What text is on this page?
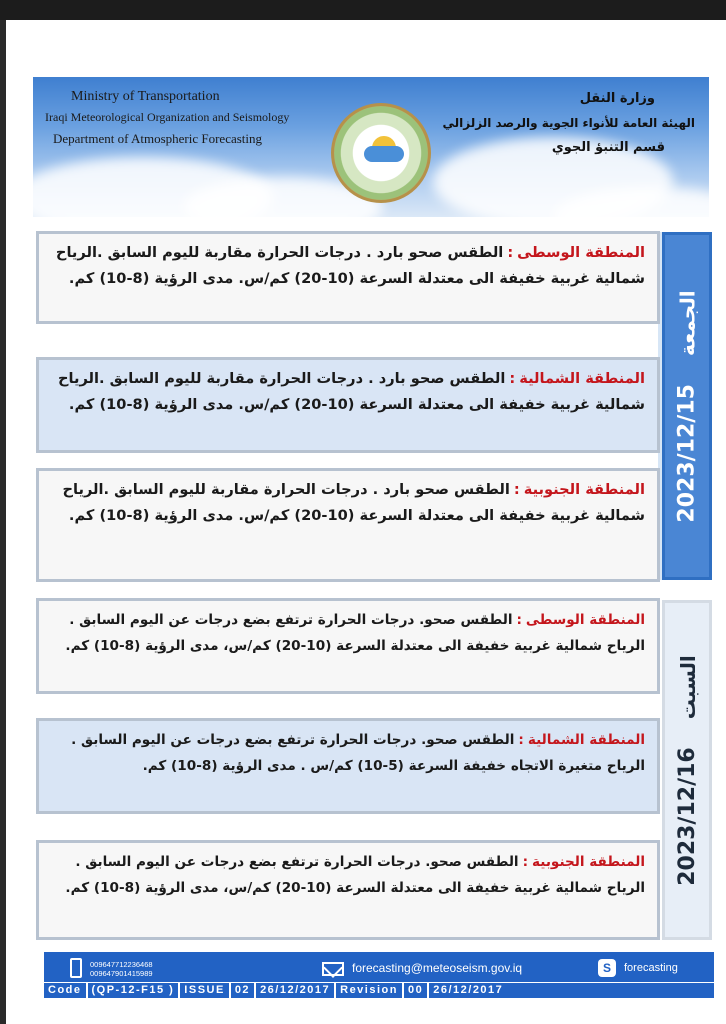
Ministry of Transportation
Iraqi Meteorological Organization and Seismology
Department of Atmospheric Forecasting
وزارة النقل
الهيئة العامة للأنواء الجوية والرصد الزلزالي
قسم التنبؤ الجوي
2023/12/15
الجمعة
المنطقة الوسطى:الطقس صحو بارد . درجات الحرارة مقاربة لليوم السابق .الرياح شمالية غربية خفيفة الى معتدلة السرعة (10-20) كم/س. مدى الرؤية (8-10) كم.
المنطقة الشمالية:الطقس صحو بارد . درجات الحرارة مقاربة لليوم السابق .الرياح شمالية غربية خفيفة الى معتدلة السرعة (10-20) كم/س. مدى الرؤية (8-10) كم.
المنطقة الجنوبية:الطقس صحو بارد . درجات الحرارة مقاربة لليوم السابق .الرياح شمالية غربية خفيفة الى معتدلة السرعة (10-20) كم/س. مدى الرؤية (8-10) كم.
2023/12/16
السبت
المنطقة الوسطى:الطقس صحو. درجات الحرارة ترتفع بضع درجات عن اليوم السابق . الرياح شمالية غربية خفيفة الى معتدلة السرعة (10-20) كم/س، مدى الرؤية (8-10) كم.
المنطقة الشمالية:الطقس صحو. درجات الحرارة ترتفع بضع درجات عن اليوم السابق . الرياح متغيرة الاتجاه خفيفة السرعة (5-10) كم/س . مدى الرؤية (8-10) كم.
المنطقة الجنوبية:الطقس صحو. درجات الحرارة ترتفع بضع درجات عن اليوم السابق . الرياح شمالية غربية خفيفة الى معتدلة السرعة (10-20) كم/س، مدى الرؤية (8-10) كم.
009647712236468
009647901415989	forecasting@meteoseism.gov.iq	S	forecasting
Code (QP-12-F15 ) ISSUE 02 26/12/2017 Revision 00 26/12/2017
